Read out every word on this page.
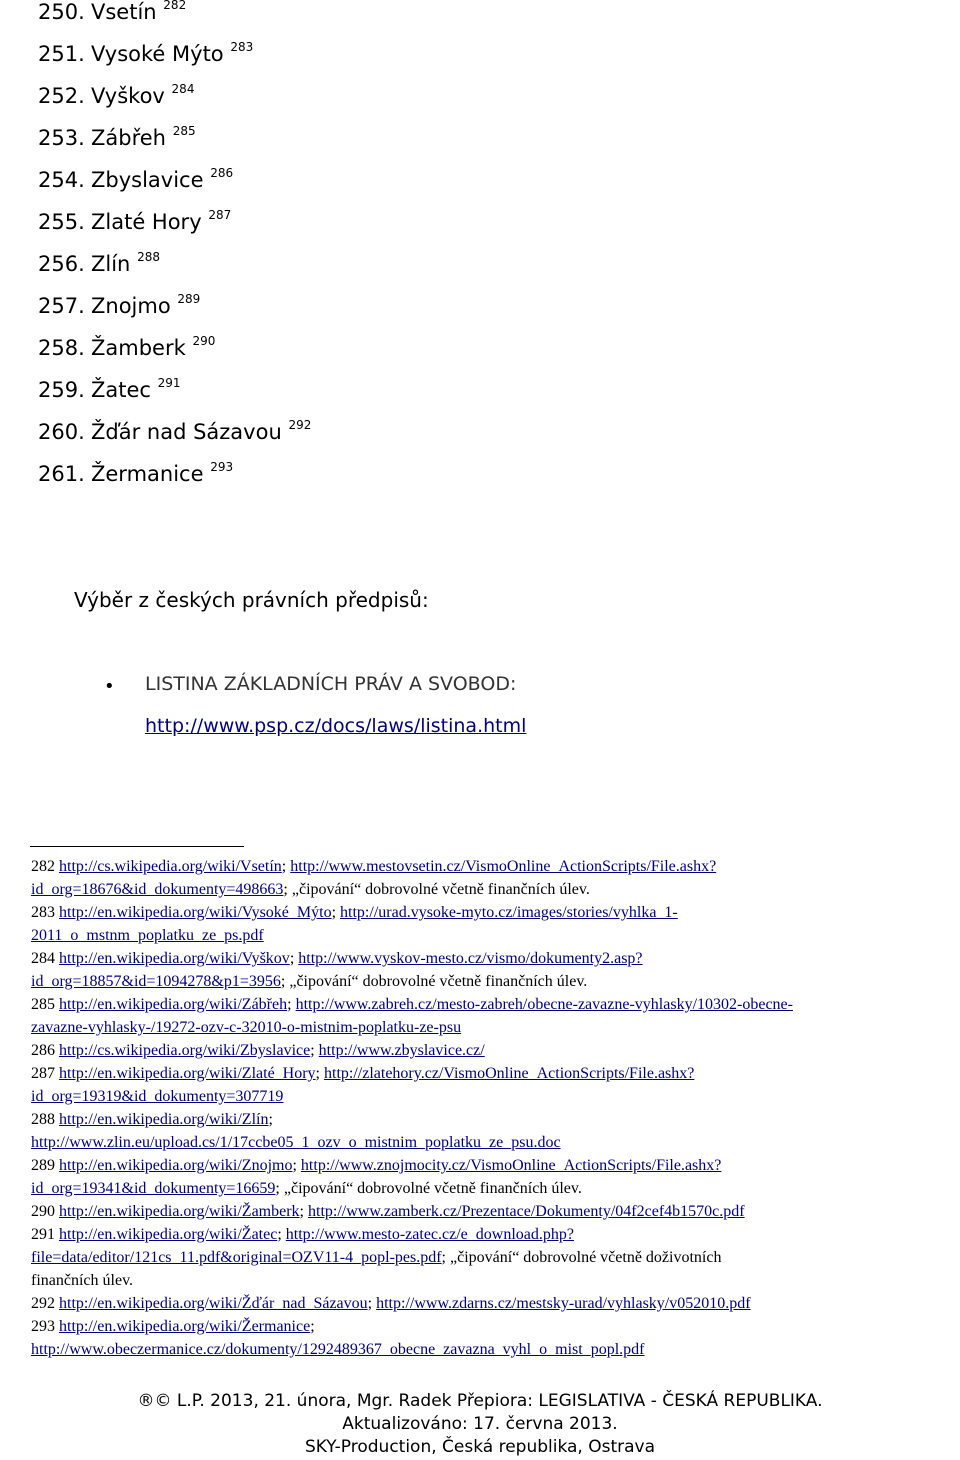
250. Vsetín $^{282}$
251. Vysoké Mýto $^{283}$
252. Vyškov $^{284}$
253. Zábřeh $^{285}$
254. Zbyslavice $^{286}$
255. Zlaté Hory $^{287}$
256. Zlín $^{288}$
257. Znojmo $^{289}$
258. Žamberk $^{290}$
259. Žatec $^{291}$
260. Žďár nad Sázavou $^{292}$
261. Žermanice $^{293}$
Výběr z českých právních předpisů:
• LISTINA ZÁKLADNÍCH PRÁV A SVOBOD:
http://www.psp.cz/docs/laws/listina.html
282 http://cs.wikipedia.org/wiki/Vsetín; http://www.mestovsetin.cz/VismoOnline_ActionScripts/File.ashx?
id_org=18676&id_dokumenty=498663; „čipování“ dobrovolné včetně finančních úlev.
283 http://en.wikipedia.org/wiki/Vysoké_Mýto; http://urad.vysoke-myto.cz/images/stories/vyhlka_1-
2011_o_mstnm_poplatku_ze_ps.pdf
284 http://en.wikipedia.org/wiki/Vyškov; http://www.vyskov-mesto.cz/vismo/dokumenty2.asp?
id_org=18857&id=1094278&p1=3956; „čipování“ dobrovolné včetně finančních úlev.
285 http://en.wikipedia.org/wiki/Zábřeh; http://www.zabreh.cz/mesto-zabreh/obecne-zavazne-vyhlasky/10302-obecne-
zavazne-vyhlasky-/19272-ozv-c-32010-o-mistnim-poplatku-ze-psu
286 http://cs.wikipedia.org/wiki/Zbyslavice; http://www.zbyslavice.cz/
287 http://en.wikipedia.org/wiki/Zlaté_Hory; http://zlatehory.cz/VismoOnline_ActionScripts/File.ashx?
id_org=19319&id_dokumenty=307719
288 http://en.wikipedia.org/wiki/Zlín;
http://www.zlin.eu/upload.cs/1/17ccbe05_1_ozv_o_mistnim_poplatku_ze_psu.doc
289 http://en.wikipedia.org/wiki/Znojmo; http://www.znojmocity.cz/VismoOnline_ActionScripts/File.ashx?
id_org=19341&id_dokumenty=16659; „čipování“ dobrovolné včetně finančních úlev.
290 http://en.wikipedia.org/wiki/Žamberk; http://www.zamberk.cz/Prezentace/Dokumenty/04f2cef4b1570c.pdf
291 http://en.wikipedia.org/wiki/Žatec; http://www.mesto-zatec.cz/e_download.php?
file=data/editor/121cs_11.pdf&original=OZV11-4_popl-pes.pdf; „čipování“ dobrovolné včetně doživotních
finančních úlev.
292 http://en.wikipedia.org/wiki/Žďár_nad_Sázavou; http://www.zdarns.cz/mestsky-urad/vyhlasky/v052010.pdf
293 http://en.wikipedia.org/wiki/Žermanice;
http://www.obeczermanice.cz/dokumenty/1292489367_obecne_zavazna_vyhl_o_mist_popl.pdf
®© L.P. 2013, 21. února, Mgr. Radek Přepiora: LEGISLATIVA - ČESKÁ REPUBLIKA.
Aktualizováno: 17. června 2013.
SKY-Production, Česká republika, Ostrava
